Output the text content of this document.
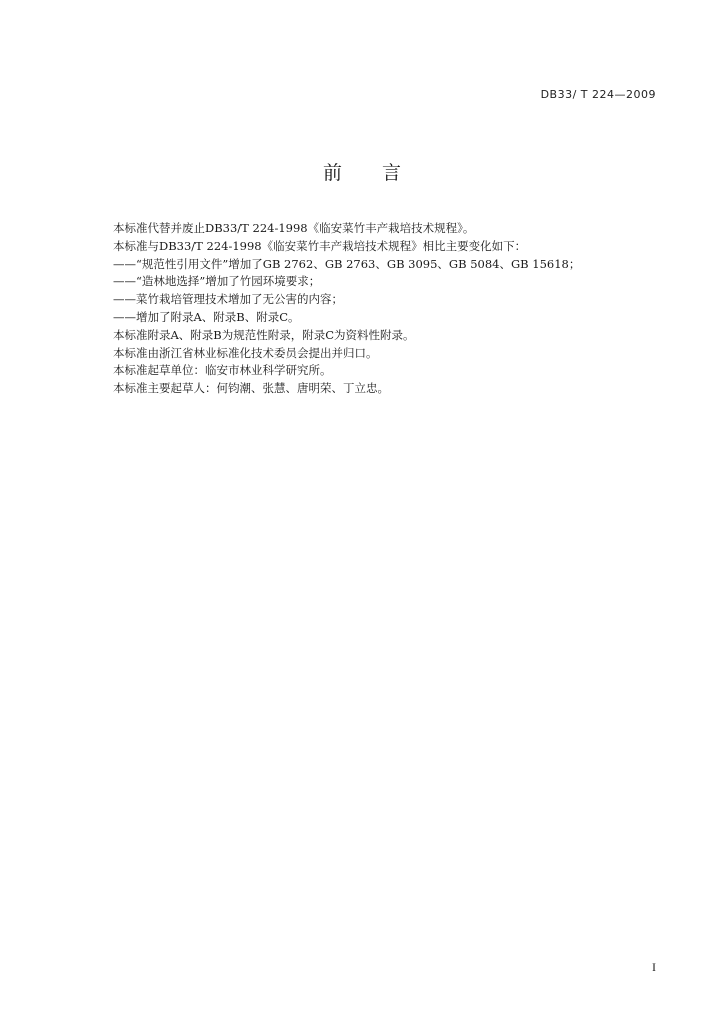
DB33/ T 224—2009
前 言
本标准代替并废止DB33/T 224-1998《临安菜竹丰产栽培技术规程》。
本标准与DB33/T 224-1998《临安菜竹丰产栽培技术规程》相比主要变化如下：
——“规范性引用文件”增加了GB 2762、GB 2763、GB 3095、GB 5084、GB 15618；
——“造林地选择”增加了竹园环境要求；
——菜竹栽培管理技术增加了无公害的内容；
——增加了附录A、附录B、附录C。
本标准附录A、附录B为规范性附录，附录C为资料性附录。
本标准由浙江省林业标准化技术委员会提出并归口。
本标准起草单位：临安市林业科学研究所。
本标准主要起草人：何钧潮、张慧、唐明荣、丁立忠。
I
